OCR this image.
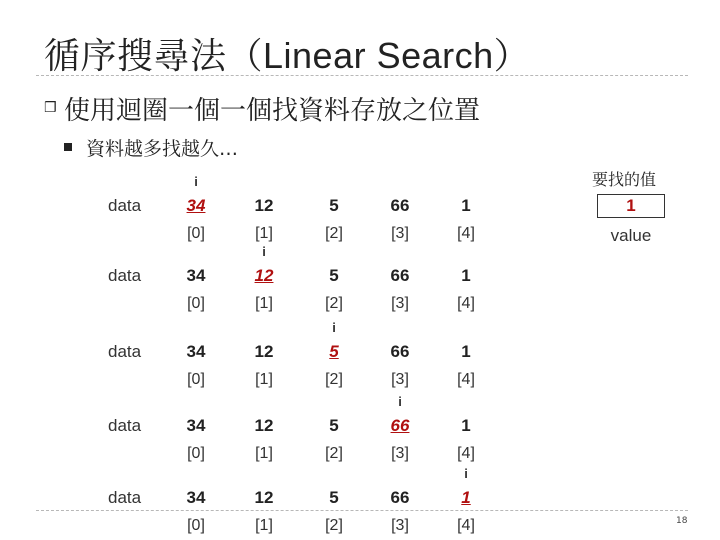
循序搜尋法（Linear Search）
❒ 使用迴圈一個一個找資料存放之位置
資料越多找越久…
data
i
34
[0]
12
[1]
5
[2]
66
[3]
1
[4]
data
i
34
[0]
12
[1]
5
[2]
66
[3]
1
[4]
data
i
34
[0]
12
[1]
5
[2]
66
[3]
1
[4]
data
i
34
[0]
12
[1]
5
[2]
66
[3]
1
[4]
data
i
34
[0]
12
[1]
5
[2]
66
[3]
1
[4]
要找的值
1
value
18
